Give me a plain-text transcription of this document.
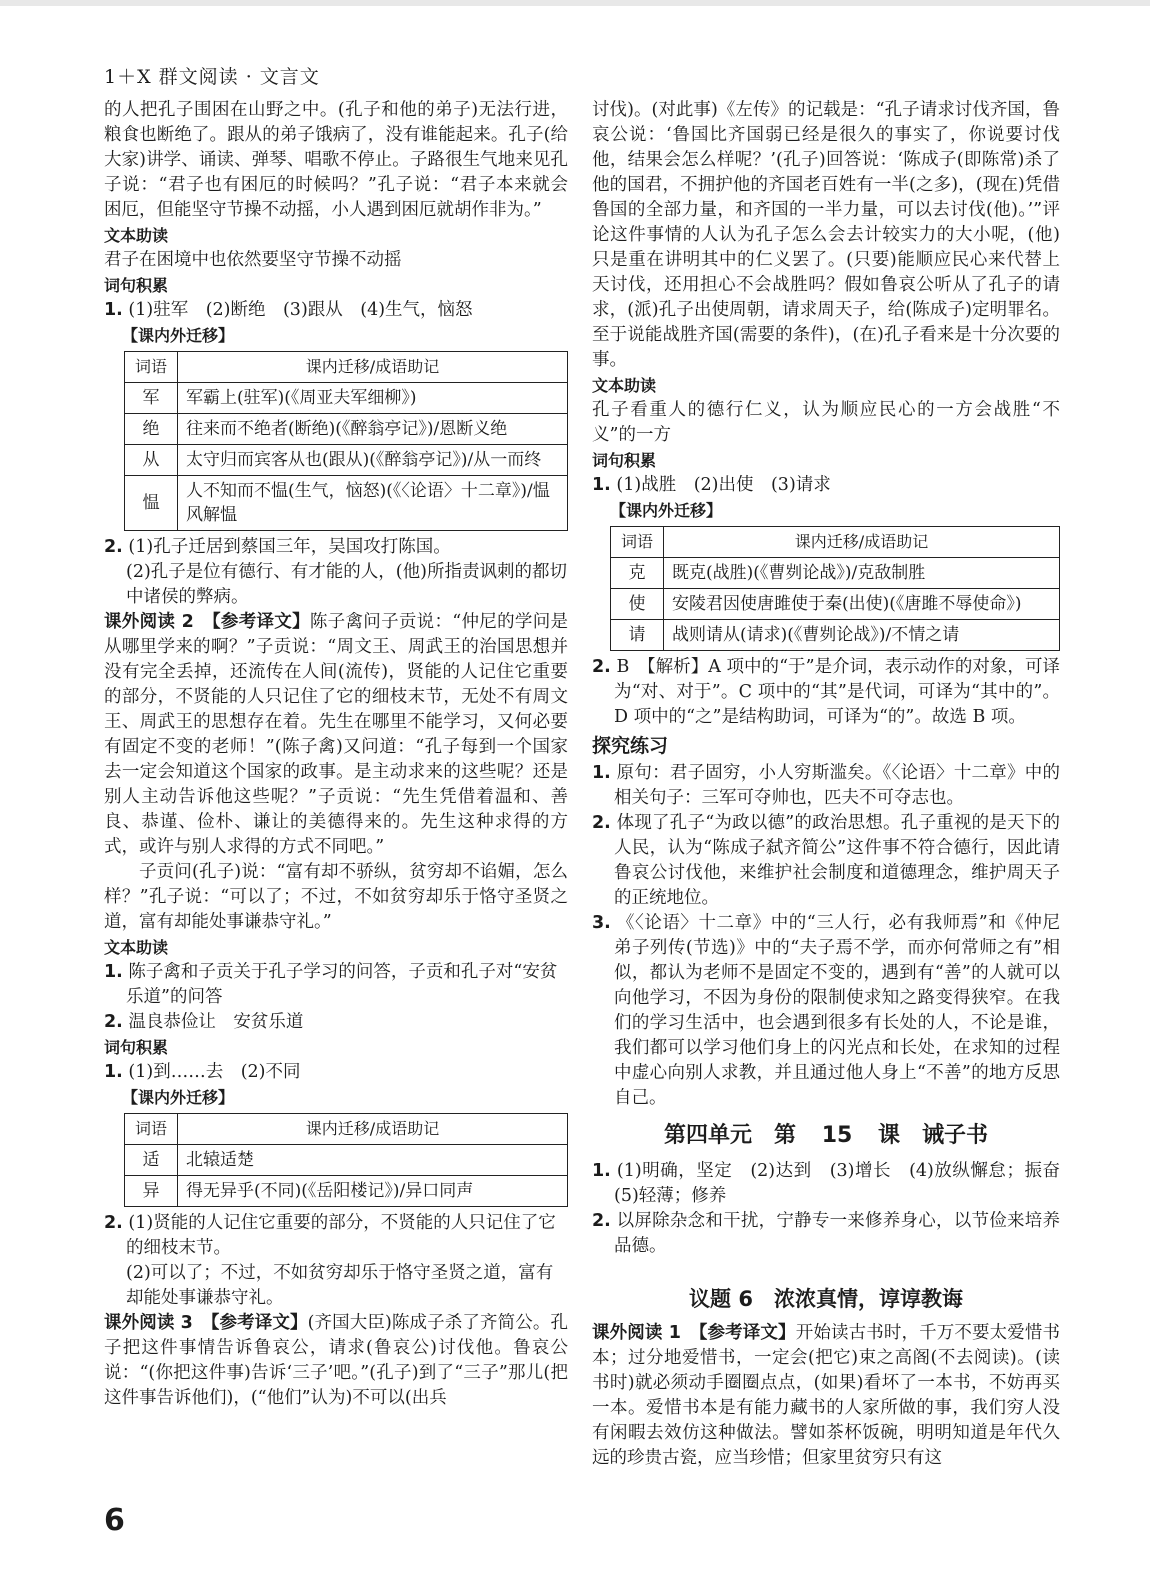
1＋X 群文阅读 · 文言文
的人把孔子围困在山野之中。(孔子和他的弟子)无法行进，粮食也断绝了。跟从的弟子饿病了，没有谁能起来。孔子(给大家)讲学、诵读、弹琴、唱歌不停止。子路很生气地来见孔子说：“君子也有困厄的时候吗？”孔子说：“君子本来就会困厄，但能坚守节操不动摇，小人遇到困厄就胡作非为。”
文本助读
君子在困境中也依然要坚守节操不动摇
词句积累
1. (1)驻军　(2)断绝　(3)跟从　(4)生气，恼怒
【课内外迁移】
词语	课内迁移/成语助记
军	军霸上(驻军)(《周亚夫军细柳》)
绝	往来而不绝者(断绝)(《醉翁亭记》)/恩断义绝
从	太守归而宾客从也(跟从)(《醉翁亭记》)/从一而终
愠	人不知而不愠(生气，恼怒)(《〈论语〉十二章》)/愠风解愠
2. (1)孔子迁居到蔡国三年，吴国攻打陈国。
(2)孔子是位有德行、有才能的人，(他)所指责讽刺的都切中诸侯的弊病。
课外阅读 2　【参考译文】陈子禽问子贡说：“仲尼的学问是从哪里学来的啊？”子贡说：“周文王、周武王的治国思想并没有完全丢掉，还流传在人间(流传)，贤能的人记住它重要的部分，不贤能的人只记住了它的细枝末节，无处不有周文王、周武王的思想存在着。先生在哪里不能学习，又何必要有固定不变的老师！”(陈子禽)又问道：“孔子每到一个国家去一定会知道这个国家的政事。是主动求来的这些呢？还是别人主动告诉他这些呢？”子贡说：“先生凭借着温和、善良、恭谨、俭朴、谦让的美德得来的。先生这种求得的方式，或许与别人求得的方式不同吧。”
子贡问(孔子)说：“富有却不骄纵，贫穷却不谄媚，怎么样？”孔子说：“可以了；不过，不如贫穷却乐于恪守圣贤之道，富有却能处事谦恭守礼。”
文本助读
1. 陈子禽和子贡关于孔子学习的问答，子贡和孔子对“安贫乐道”的问答
2. 温良恭俭让　安贫乐道
词句积累
1. (1)到……去　(2)不同
【课内外迁移】
词语	课内迁移/成语助记
适	北辕适楚
异	得无异乎(不同)(《岳阳楼记》)/异口同声
2. (1)贤能的人记住它重要的部分，不贤能的人只记住了它的细枝末节。
(2)可以了；不过，不如贫穷却乐于恪守圣贤之道，富有却能处事谦恭守礼。
课外阅读 3　【参考译文】(齐国大臣)陈成子杀了齐简公。孔子把这件事情告诉鲁哀公，请求(鲁哀公)讨伐他。鲁哀公说：“(你把这件事)告诉‘三子’吧。”(孔子)到了“三子”那儿(把这件事告诉他们)，(“他们”认为)不可以(出兵
讨伐)。(对此事)《左传》的记载是：“孔子请求讨伐齐国，鲁哀公说：‘鲁国比齐国弱已经是很久的事实了，你说要讨伐他，结果会怎么样呢？’(孔子)回答说：‘陈成子(即陈常)杀了他的国君，不拥护他的齐国老百姓有一半(之多)，(现在)凭借鲁国的全部力量，和齐国的一半力量，可以去讨伐(他)。’”评论这件事情的人认为孔子怎么会去计较实力的大小呢，(他)只是重在讲明其中的仁义罢了。(只要)能顺应民心来代替上天讨伐，还用担心不会战胜吗？假如鲁哀公听从了孔子的请求，(派)孔子出使周朝，请求周天子，给(陈成子)定明罪名。至于说能战胜齐国(需要的条件)，(在)孔子看来是十分次要的事。
文本助读
孔子看重人的德行仁义，认为顺应民心的一方会战胜“不义”的一方
词句积累
1. (1)战胜　(2)出使　(3)请求
【课内外迁移】
词语	课内迁移/成语助记
克	既克(战胜)(《曹刿论战》)/克敌制胜
使	安陵君因使唐雎使于秦(出使)(《唐雎不辱使命》)
请	战则请从(请求)(《曹刿论战》)/不情之请
2. B　【解析】A 项中的“于”是介词，表示动作的对象，可译为“对、对于”。C 项中的“其”是代词，可译为“其中的”。D 项中的“之”是结构助词，可译为“的”。故选 B 项。
探究练习
1. 原句：君子固穷，小人穷斯滥矣。《〈论语〉十二章》中的相关句子：三军可夺帅也，匹夫不可夺志也。
2. 体现了孔子“为政以德”的政治思想。孔子重视的是天下的人民，认为“陈成子弑齐简公”这件事不符合德行，因此请鲁哀公讨伐他，来维护社会制度和道德理念，维护周天子的正统地位。
3. 《〈论语〉十二章》中的“三人行，必有我师焉”和《仲尼弟子列传(节选)》中的“夫子焉不学，而亦何常师之有”相似，都认为老师不是固定不变的，遇到有“善”的人就可以向他学习，不因为身份的限制使求知之路变得狭窄。在我们的学习生活中，也会遇到很多有长处的人，不论是谁，我们都可以学习他们身上的闪光点和长处，在求知的过程中虚心向别人求教，并且通过他人身上“不善”的地方反思自己。
第四单元　第 15 课　诫子书
1. (1)明确，坚定　(2)达到　(3)增长　(4)放纵懈怠；振奋　(5)轻薄；修养
2. 以屏除杂念和干扰，宁静专一来修养身心，以节俭来培养品德。
议题 6　浓浓真情，谆谆教诲
课外阅读 1　【参考译文】开始读古书时，千万不要太爱惜书本；过分地爱惜书，一定会(把它)束之高阁(不去阅读)。(读书时)就必须动手圈圈点点，(如果)看坏了一本书，不妨再买一本。爱惜书本是有能力藏书的人家所做的事，我们穷人没有闲暇去效仿这种做法。譬如茶杯饭碗，明明知道是年代久远的珍贵古瓷，应当珍惜；但家里贫穷只有这
6
